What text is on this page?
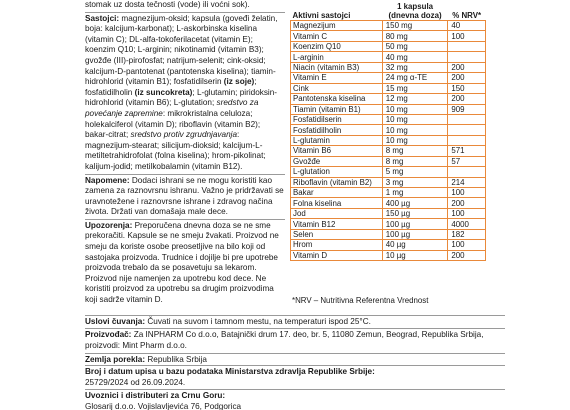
stomak uz dosta tečnosti (vode) ili voćni sok).

Sastojci: magnezijum-oksid; kapsula (goveđi želatin, boja: kalcijum-karbonat); L-askorbinska kiselina (vitamin C); DL-alfa-tokoferilacetat (vitamin E); koenzim Q10; L-arginin; nikotinamid (vitamin B3); gvožđe (III)-pirofosfat; natrijum-selenit; cink-oksid; kalcijum-D-pantotenat (pantotenska kiselina); tiamin-hidrohlorid (vitamin B1); fosfatidilserin (iz soje); fosfatidilholin (iz suncokreta); L-glutamin; piridoksin-hidrohlorid (vitamin B6); L-glutation; sredstvo za povećanje zapremine: mikrokristalna celuloza; holekalciferol (vitamin D); riboflavin (vitamin B2); bakar-citrat; sredstvo protiv zgrudnjavanja: magnezijum-stearat; silicijum-dioksid; kalcijum-L-metiltetrahidrofolat (folna kiselina); hrom-pikolinat; kalijum-jodid; metilkobalamin (vitamin B12).

Napomene: Dodaci ishrani se ne mogu koristiti kao zamena za raznovrsnu ishranu. Važno je pridržavati se uravnotežene i raznovrsne ishrane i zdravog načina života. Držati van domašaja male dece.

Upozorenja: Preporučena dnevna doza se ne sme prekoračiti. Kapsule se ne smeju žvakati. Proizvod ne smeju da koriste osobe preosetljive na bilo koji od sastojaka proizvoda. Trudnice i dojilje bi pre upotrebe proizvoda trebalo da se posavetuju sa lekarom. Proizvod nije namenjen za upotrebu kod dece. Ne koristiti proizvod za upotrebu sa drugim proizvodima koji sadrže vitamin D.

Aktivni sastojci	1 kapsula (dnevna doza)	% NRV*
Magnezijum	150 mg	40
Vitamin C	80 mg	100
Koenzim Q10	50 mg	
L-arginin	40 mg	
Niacin (vitamin B3)	32 mg	200
Vitamin E	24 mg α-TE	200
Cink	15 mg	150
Pantotenska kiselina	12 mg	200
Tiamin (vitamin B1)	10 mg	909
Fosfatidilserin	10 mg	
Fosfatidilholin	10 mg	
L-glutamin	10 mg	
Vitamin B6	8 mg	571
Gvožđe	8 mg	57
L-glutation	5 mg	
Riboflavin (vitamin B2)	3 mg	214
Bakar	1 mg	100
Folna kiselina	400 µg	200
Jod	150 µg	100
Vitamin B12	100 µg	4000
Selen	100 µg	182
Hrom	40 µg	100
Vitamin D	10 µg	200
*NRV – Nutritivna Referentna Vrednost
Uslovi čuvanja: Čuvati na suvom i tamnom mestu, na temperaturi ispod 25°C.
Proizvođač: Za INPHARM Co d.o.o, Batajnički drum 17. deo, br. 5, 11080 Zemun, Beograd, Republika Srbija, proizvodi: Mint Pharm d.o.o.
Zemlja porekla: Republika Srbija
Broj i datum upisa u bazu podataka Ministarstva zdravlja Republike Srbije:
25729/2024 od 26.09.2024.
Uvoznici i distributeri za Crnu Goru:
Glosarij d.o.o. Vojislavljevića 76, Podgorica
